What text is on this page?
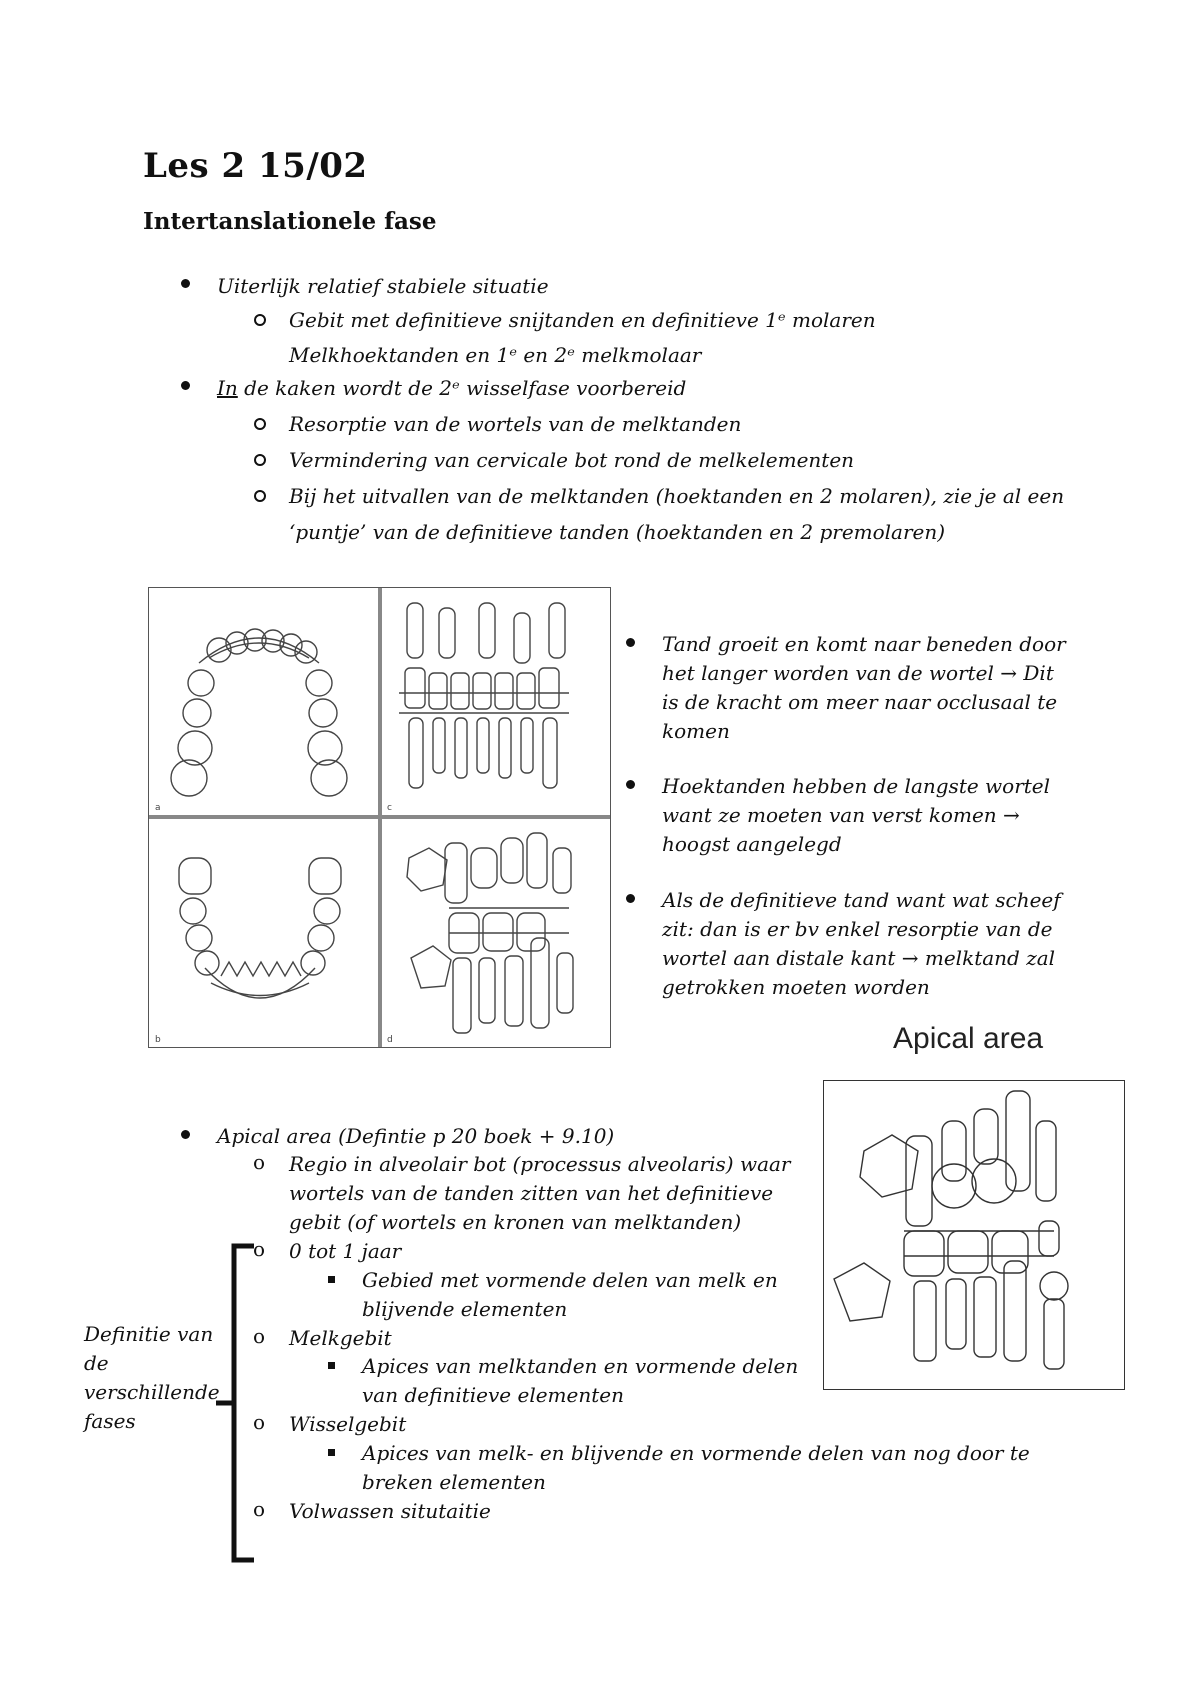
Les 2 15/02
Intertanslationele fase
Uiterlijk relatief stabiele situatie
Gebit met definitieve snijtanden en definitieve 1ᵉ molaren
Melkhoektanden en 1ᵉ en 2ᵉ melkmolaar
In de kaken wordt de 2ᵉ wisselfase voorbereid
Resorptie van de wortels van de melktanden
Vermindering van cervicale bot rond de melkelementen
Bij het uitvallen van de melktanden (hoektanden en 2 molaren), zie je al een
‘puntje’ van de definitieve tanden (hoektanden en 2 premolaren)
a	c
b	d
Tand groeit en komt naar beneden door
het langer worden van de wortel → Dit
is de kracht om meer naar occlusaal te
komen
Hoektanden hebben de langste wortel
want ze moeten van verst komen →
hoogst aangelegd
Als de definitieve tand want wat scheef
zit: dan is er bv enkel resorptie van de
wortel aan distale kant → melktand zal
getrokken moeten worden
Apical area
Apical area (Defintie p 20 boek + 9.10)
o Regio in alveolair bot (processus alveolaris) waar
wortels van de tanden zitten van het definitieve
gebit (of wortels en kronen van melktanden)
o 0 tot 1 jaar
Gebied met vormende delen van melk en
blijvende elementen
o Melkgebit
Apices van melktanden en vormende delen
van definitieve elementen
o Wisselgebit
Apices van melk- en blijvende en vormende delen van nog door te
breken elementen
o Volwassen situtaitie
Definitie van
de
verschillende
fases
